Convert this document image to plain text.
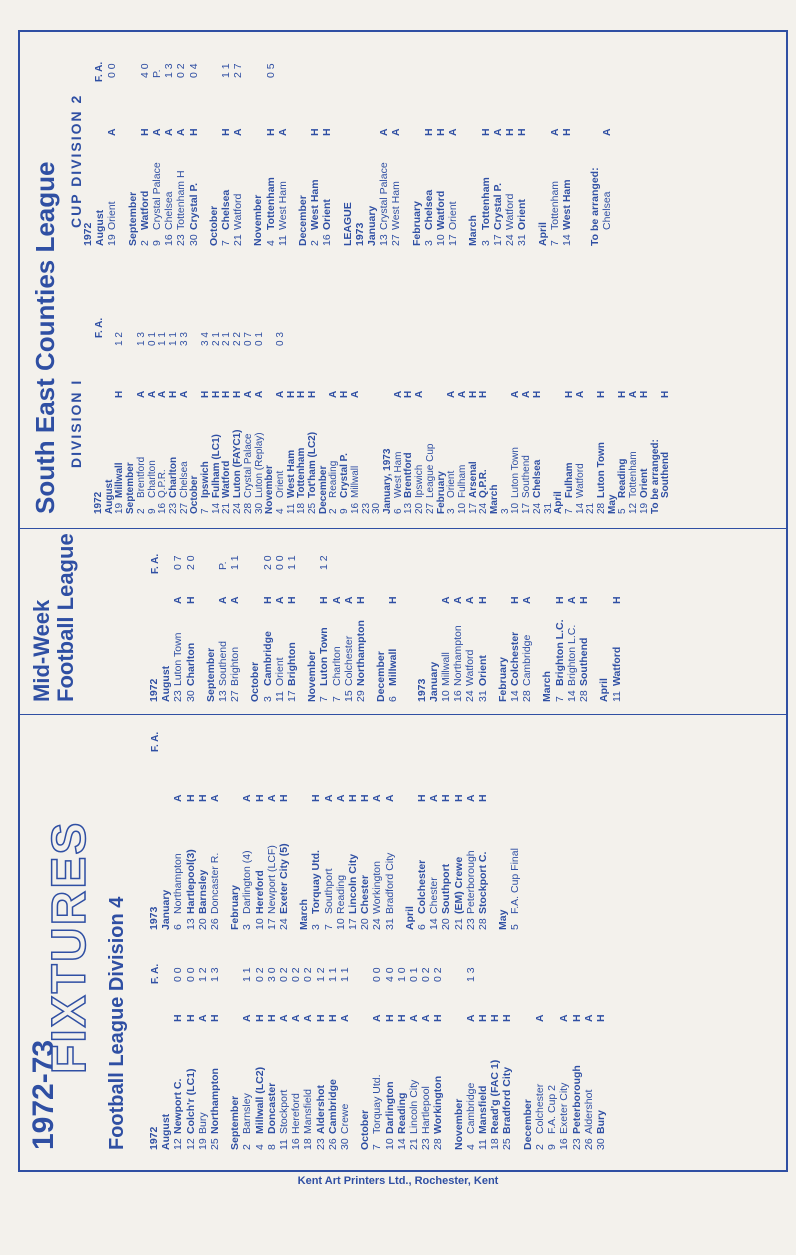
1972-73
FIXTURES Football League Division 4 F. A.
F. A.
1972 August 12Newport C.
H
0 0
12Colch'r (LC1)
H
0 0
19Bury
A
1 2
25Northampton
H
1 3
September 2Barnsley
A
1 1
4Millwall (LC2)
H
0 2
8Doncaster
H
3 0
11Stockport
A
0 2
16Hereford
A
0 2
18Mansfield
A
0 2
23Aldershot
H
1 2
26Cambridge
H
1 1
30Crewe
A
1 1
October 7Torquay Utd.
A
0 0
10Darlington
H
4 0
14Reading
H
1 0
21Lincoln City
A
0 1
23Hartlepool
A
0 2
28Workington
H
0 2
November 4Cambridge
A
1 3
11Mansfield
H
18Read'g (FAC 1)
H
25Bradford City
H
December 2Colchester
A
9F.A. Cup 2
16Exeter City
A
23Peterborough
H
26Aldershot
A
30Bury
H
1973 January 6Northampton
A
13Hartlepool(3)
H
20Barnsley
H
26Doncaster R.
A
February 3Darlington (4)
A
10Hereford
H
17Newport (LCF)
A
24Exeter City (5)
H
March 3Torquay Utd.
H
7Southport
A
10Reading
A
17Lincoln City
H
20Chester
H
24Workington
A
31Bradford City
A
April 6Colchester
H
14Chester
A
20Southport
H
21(EM) Crewe
H
23Peterborough
A
28Stockport C.
H
May 5F.A. Cup Final
Mid-Week Football League	F. A.
1972 August 23Luton Town
A
0 7
30Charlton
H
2 0
September 13Southend
A
P.
27Brighton
A
1 1
October 3Cambridge
H
2 0
11Orient
A
0 0
17Brighton
H
1 1
November 7Luton Town
H
1 2
7Charlton
A
15Colchester
A
29Northampton
H
December 6Millwall
H
1973 January 10Millwall
A
16Northampton
A
24Watford
A
31Orient
H
February 14Colchester
H
28Cambridge
A
March 7Brighton L.C.
H
14Brighton L.C.
A
28Southend
H
April 11Watford
H
South East Counties League DIVISION I
CUP DIVISION 2
F. A.
F. A.
1972 August 19Millwall
H
1 2
September 2Brentford
A
1 3
9Charlton
A
0 1
16Q.P.R.
A
1 1
23Charlton
H
1 1
27Chelsea
A
3 3
October 7Ipswich
H
3 4
14Fulham (LC1)
H
2 1
21Watford
H
2 1
24Luton (FAYC1)
H
2 2
28Crystal Palace
A
0 7
30Luton (Replay)
A
0 1
November 4Orient
A
0 3
11West Ham
H
18Tottenham
H
25Tot'ham (LC2)
H
December 2Reading
A
9Crystal P.
H
16Millwall
A
23 30 January, 1973 6West Ham
A
13Brentford
H
20Ipswich
A
27League Cup February 3Orient
A
10Fulham
A
17Arsenal
H
24Q.P.R.
H
March 3 10Luton Town
A
17Southend
A
24Chelsea
H
31 April 7Fulham
H
14Watford
A
21 28Luton Town
H
May 5Reading
H
12Tottenham
A
19Orient
H
To be arranged: Southend
H
1972 August 19Orient
A
0 0
September 2Watford
H
4 0
9Crystal Palace
A
P.
16Chelsea
A
1 3
23Tottenham H
A
0 2
30Crystal P.
H
0 4
October 7Chelsea
H
1 1
21Watford
A
2 7
November 4Tottenham
H
0 5
11West Ham
A
December 2West Ham
H
16Orient
H
LEAGUE 1973 January 13Crystal Palace
A
27West Ham
A
February 3Chelsea
H
10Watford
H
17Orient
A
March 3Tottenham
H
17Crystal P.
A
24Watford
H
31Orient
H
April 7Tottenham
A
14West Ham
H
To be arranged: Chelsea
A
Kent Art Printers Ltd., Rochester, Kent
